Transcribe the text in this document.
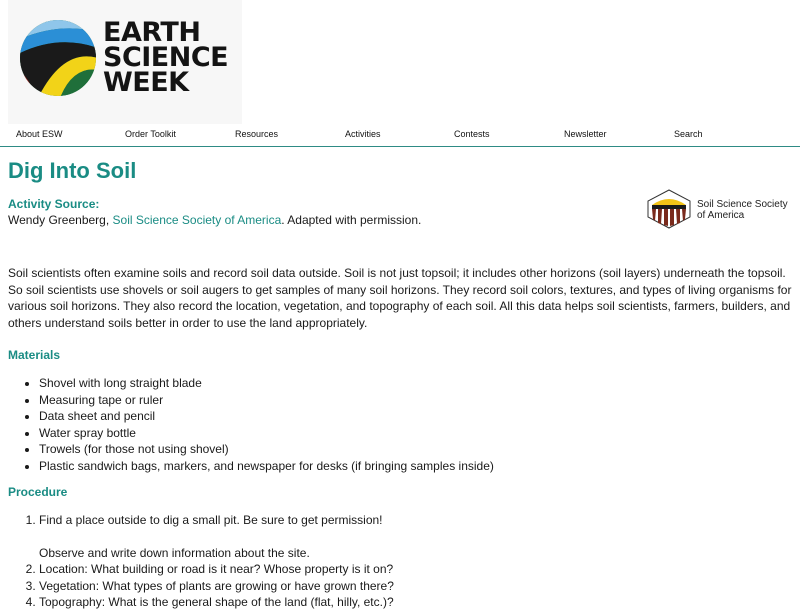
EARTH
SCIENCE
WEEK
About ESW	Order Toolkit	Resources	Activities	Contests	Newsletter	Search
Dig Into Soil
Activity Source:
Wendy Greenberg, Soil Science Society of America. Adapted with permission.
Soil Science Society
of America

Soil scientists often examine soils and record soil data outside. Soil is not just topsoil; it includes other horizons (soil layers) underneath the topsoil. So soil scientists use shovels or soil augers to get samples of many soil horizons. They record soil colors, textures, and types of living organisms for various soil horizons. They also record the location, vegetation, and topography of each soil. All this data helps soil scientists, farmers, builders, and others understand soils better in order to use the land appropriately.

Materials
• Shovel with long straight blade
• Measuring tape or ruler
• Data sheet and pencil
• Water spray bottle
• Trowels (for those not using shovel)
• Plastic sandwich bags, markers, and newspaper for desks (if bringing samples inside)
Procedure
1. Find a place outside to dig a small pit. Be sure to get permission!
Observe and write down information about the site.
2. Location: What building or road is it near? Whose property is it on?
3. Vegetation: What types of plants are growing or have grown there?
4. Topography: What is the general shape of the land (flat, hilly, etc.)?
